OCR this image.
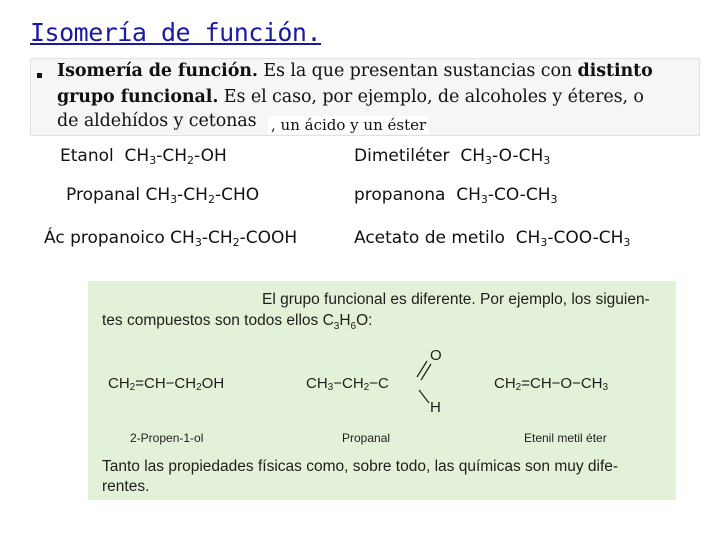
Isomería de función.
Isomería de función. Es la que presentan sustancias con distinto
grupo funcional. Es el caso, por ejemplo, de alcoholes y éteres, o
de aldehídos y cetonas , un ácido y un éster
Etanol $CH_3-CH_2-OH$	Dimetiléter $CH_3-O-CH_3$
Propanal $CH_3-CH_2$-CHO	propanona $CH_3-CO-CH_3$
Ác propanoico $CH_3-CH_2$-COOH	Acetato de metilo $CH_3-COO-CH_3$
El grupo funcional es diferente. Por ejemplo, los siguien-
tes compuestos son todos ellos $C_3H_6O$:
$CH_2=CH-CH_2OH$
2-Propen-1-ol
$CH_3-CH_2-C$
O
H
Propanal
$CH_2=CH-O-CH_3$
Etenil metil éter
Tanto las propiedades físicas como, sobre todo, las químicas son muy dife-
rentes.
